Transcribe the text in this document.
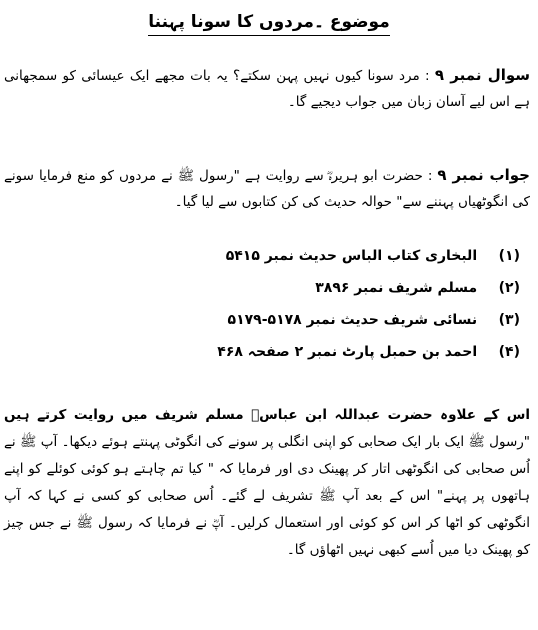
موضوع ۔مردوں کا سونا پہننا
سوال نمبر ۹ : مرد سونا کیوں نہیں پہن سکتے؟ یہ بات مجھے ایک عیسائی کو سمجھانی ہے اس لیے آسان زبان میں جواب دیجیے گا۔
جواب نمبر ۹ : حضرت ابو ہریرہؓ سے روایت ہے "رسول ﷺ نے مردوں کو منع فرمایا سونے کی انگوٹھیاں پہننے سے" حوالہ حدیث کی کن کتابوں سے لیا گیا۔
(۱) البخاری کتاب الباس حدیث نمبر ۵۴۱۵
(۲) مسلم شریف نمبر ۳۸۹۶
(۳) نسائی شریف حدیث نمبر ۵۱۷۸-۵۱۷۹
(۴) احمد بن حمبل پارٹ نمبر ۲ صفحہ ۴۶۸
اس کے علاوہ حضرت عبداللہ ابن عباسؓ مسلم شریف میں روایت کرتے ہیں "رسول ﷺ ایک بار ایک صحابی کو اپنی انگلی پر سونے کی انگوٹی پہنتے ہوئے دیکھا۔ آپ ﷺ نے اُس صحابی کی انگوٹھی اتار کر پھینک دی اور فرمایا کہ " کیا تم چاہتے ہو کوئی کوئلے کو اپنے ہاتھوں پر پہنے" اس کے بعد آپ ﷺ تشریف لے گئے۔ اُس صحابی کو کسی نے کہا کہ آپ انگوٹھی کو اٹھا کر اس کو کوئی اور استعمال کرلیں۔ آپؓ نے فرمایا کہ رسول ﷺ نے جس چیز کو پھینک دیا میں اُسے کبھی نہیں اٹھاؤں گا۔
